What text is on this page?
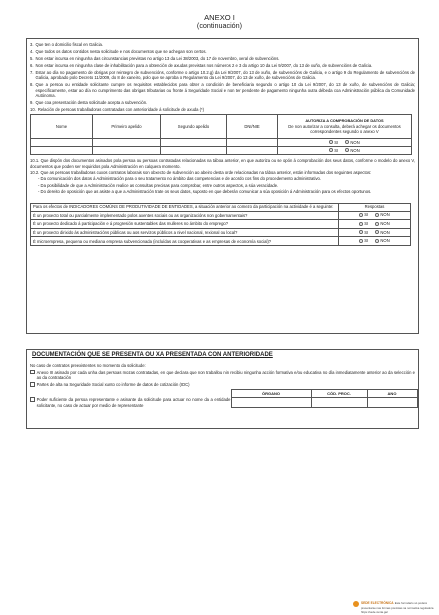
ANEXO I
(continuación)
3. Que ten o domicilio fiscal en Galicia.
4. Que todos os datos contidos nesta solicitude e nos documentos que se achegan son certos.
5. Non estar incursa en ningunha das circunstancias previstas no artigo 13 da Lei 38/2003, do 17 de novembro, xeral de subvencións.
6. Non estar incursa en ningunha clase de inhabilitación para a obtención de axudas previstas nos números 2 e 3 do artigo 10 da Lei 9/2007, do 13 de xuño, de subvencións de Galicia.
7. Estar ao día no pagamento de obrigas por reintegro de subvencións, conforme o artigo 10.2.g) da Lei 9/2007, do 13 de xuño, de subvencións de Galicia, e o artigo 9 do Regulamento de subvencións de Galicia, aprobado polo Decreto 11/2009, do 8 de xaneiro, polo que se aproba o Regulamento da Lei 9/2007, do 13 de xuño, de subvencións de Galicia.
8. Que a persoa ou entidade solicitante cumpre os requisitos establecidos para obter a condición de beneficiaria segundo o artigo 10 da Lei 9/2007, do 13 de xuño, de subvencións de Galicia; especificamente, estar ao día no cumprimento das obrigas tributarias ou fronte á Seguridade Social e non ter pendente de pagamento ningunha outra débeda coa Administración pública da Comunidade Autónoma.
9. Que coa presentación desta solicitude acepta a subvención.
10. Relación de persoas traballadoras contratadas con anterioridade á solicitude de axuda (*)
Nome	Primeiro apelido	Segundo apelido	DNI/NIE	AUTORIZA A COMPROBACIÓN DE DATOS
De non autorizar a consulta, deberá achegar os documentos correspondentes segundo o anexo V

				SI
NON

				SI
NON

10.1. Que dispón dos documentos asinados pola persoa ou persoas contratadas relacionadas na táboa anterior, en que autoriza ou se opón á comprobación dos seus datos, conforme o modelo do anexo V, documentos que poden ser requiridos pola Administración en calquera momento.

10.2. Que as persoas traballadoras cuxos contratos laborais son obxecto de subvención ao abeiro desta orde relacionadas na táboa anterior, están informadas dos seguintes aspectos:

- Da comunicación dos datos á Administración para o seu tratamento no ámbito das competencias e de acordo cos fins do procedemento administrativo.

- Da posibilidade de que a Administración realice as consultas precisas para comprobar, entre outros aspectos, a súa veracidade.

- Do dereito de oposición que as asiste a que a Administración trate os seus datos, suposto en que deberán comunicar a súa oposición á Administración para os efectos oportunos.

Para os efectos de INDICADORES COMÚNS DE PRODUTIVIDADE DE ENTIDADES, a situación anterior ao comezo da participación na actividade é a seguinte:	Respostas
É un proxecto total ou parcialmente implementado polos axentes sociais ou as organizacións non gobernamentais?	SI
NON

É un proxecto dedicado á participación e á progresión sustentables das mulleres no ámbito do emprego?	SI
NON

É un proxecto dirixido ás administracións públicas ou aos servizos públicos a nivel nacional, rexional ou local?	SI
NON

É microempresa, pequena ou mediana empresa subvencionada (incluídas as cooperativas e as empresas de economía social)?	SI
NON
DOCUMENTACIÓN QUE SE PRESENTA OU XA PRESENTADA CON ANTERIORIDADE
No caso de contratos preexistentes no momento da solicitude:
Anexo III asinado por cada unha das persoas mozas contratadas, en que declara que non traballou nin recibiu ningunha acción formativa e/ou educativa no día inmediatamente anterior ao da selección e ao da contratación
Partes de alta na Seguridade Social xunto co informe de datos de cotización (IDC)
	ÓRGANO	CÓD. PROC.	ANO

Poder suficiente da persoa representante e asinante da solicitude para actuar no nome da a entidade solicitante, no caso de actuar por medio de representante			

SEDE ELECTRÓNICA Este formulario só poderá presentarse nas formas previstas na normativa reguladora
https://sede.xunta.gal
